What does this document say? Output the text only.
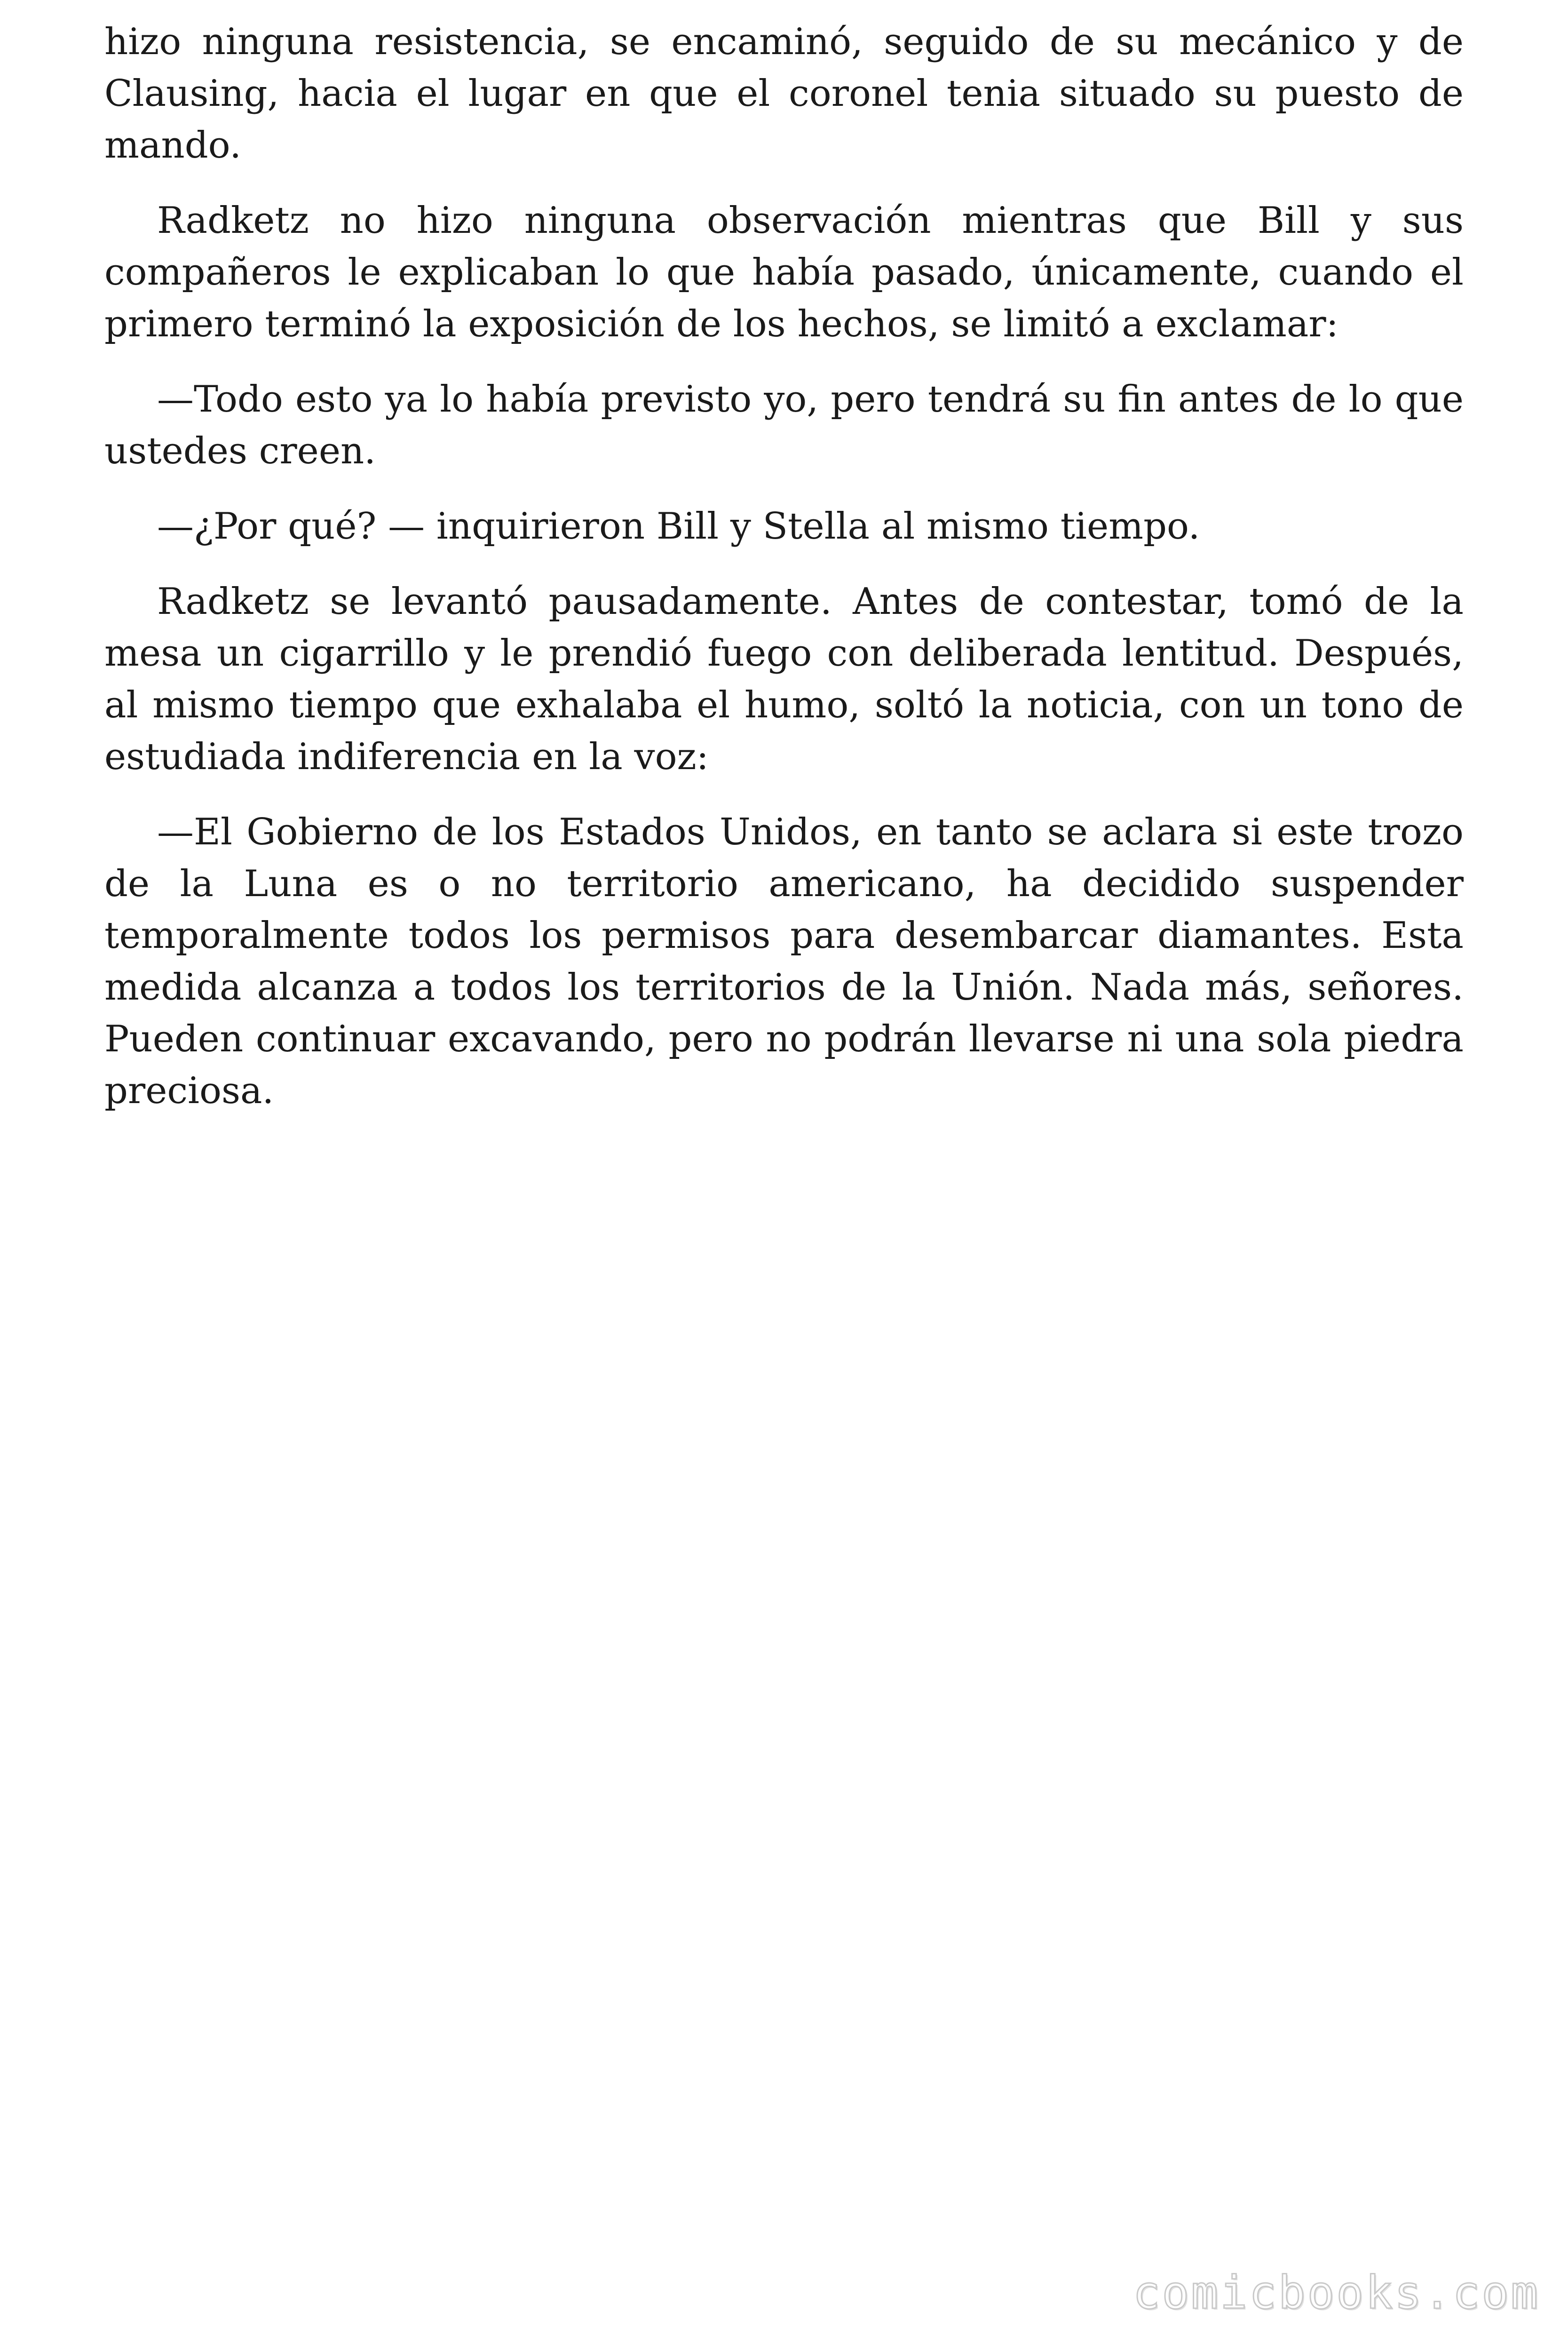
hizo ninguna resistencia, se encaminó, seguido de su mecánico y de Clausing, hacia el lugar en que el coronel tenia situado su puesto de mando.

Radketz no hizo ninguna observación mientras que Bill y sus compañeros le explicaban lo que había pasado, únicamente, cuando el primero terminó la exposición de los hechos, se limitó a exclamar:

—Todo esto ya lo había previsto yo, pero tendrá su fin antes de lo que ustedes creen.

—¿Por qué? — inquirieron Bill y Stella al mismo tiempo.

Radketz se levantó pausadamente. Antes de contestar, tomó de la mesa un cigarrillo y le prendió fuego con deliberada lentitud. Después, al mismo tiempo que exhalaba el humo, soltó la noticia, con un tono de estudiada indiferencia en la voz:

—El Gobierno de los Estados Unidos, en tanto se aclara si este trozo de la Luna es o no territorio americano, ha decidido suspender temporalmente todos los permisos para desembarcar diamantes. Esta medida alcanza a todos los territorios de la Unión. Nada más, señores. Pueden continuar excavando, pero no podrán llevarse ni una sola piedra preciosa.

comicbooks.com
